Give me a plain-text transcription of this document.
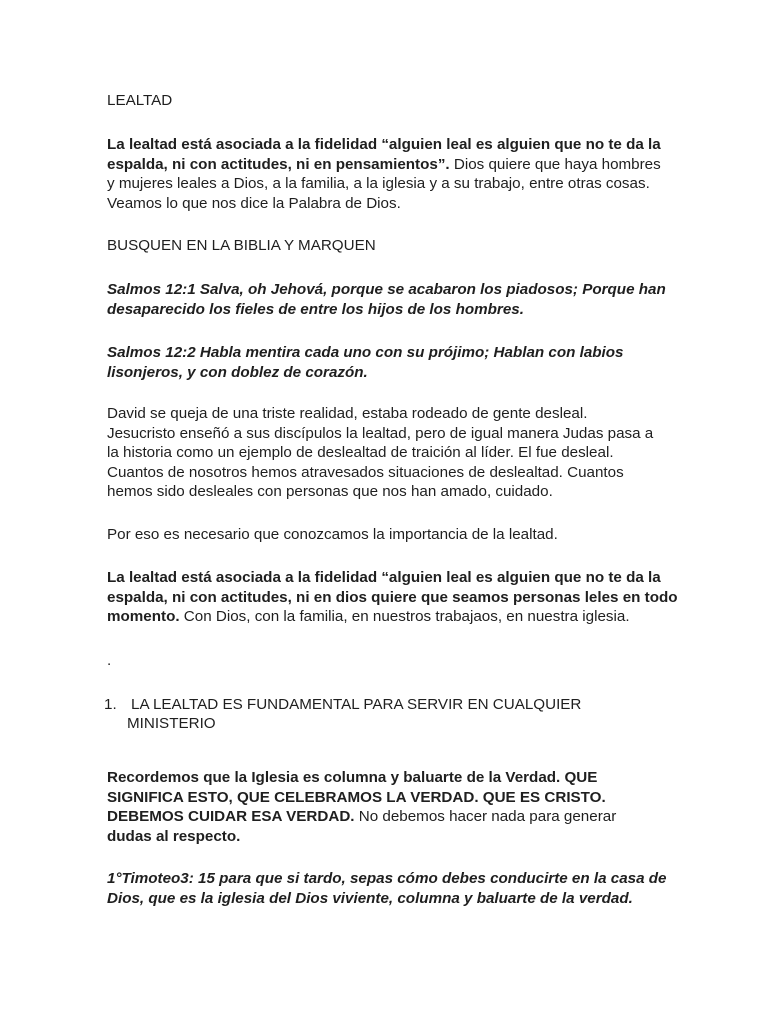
LEALTAD

La lealtad está asociada a la fidelidad “alguien leal es alguien que no te da la
espalda, ni con actitudes, ni en pensamientos”. Dios quiere que haya hombres
y mujeres leales a Dios, a la familia, a la iglesia y a su trabajo, entre otras cosas.
Veamos lo que nos dice la Palabra de Dios.

BUSQUEN EN LA BIBLIA Y MARQUEN

Salmos 12:1 Salva, oh Jehová, porque se acabaron los piadosos; Porque han
desaparecido los fieles de entre los hijos de los hombres.

Salmos 12:2 Habla mentira cada uno con su prójimo; Hablan con labios
lisonjeros, y con doblez de corazón.

David se queja de una triste realidad, estaba rodeado de gente desleal.
Jesucristo enseñó a sus discípulos la lealtad, pero de igual manera Judas pasa a
la historia como un ejemplo de deslealtad de traición al líder. El fue desleal.
Cuantos de nosotros hemos atravesados situaciones de deslealtad. Cuantos
hemos sido desleales con personas que nos han amado, cuidado.

Por eso es necesario que conozcamos la importancia de la lealtad.

La lealtad está asociada a la fidelidad “alguien leal es alguien que no te da la
espalda, ni con actitudes, ni en dios quiere que seamos personas leles en todo
momento. Con Dios, con la familia, en nuestros trabajaos, en nuestra iglesia.

.

1. LA LEALTAD ES FUNDAMENTAL PARA SERVIR EN CUALQUIER
MINISTERIO

Recordemos que la Iglesia es columna y baluarte de la Verdad. QUE
SIGNIFICA ESTO, QUE CELEBRAMOS LA VERDAD. QUE ES CRISTO.
DEBEMOS CUIDAR ESA VERDAD. No debemos hacer nada para generar
dudas al respecto.

1°Timoteo3: 15 para que si tardo, sepas cómo debes conducirte en la casa de
Dios, que es la iglesia del Dios viviente, columna y baluarte de la verdad.
